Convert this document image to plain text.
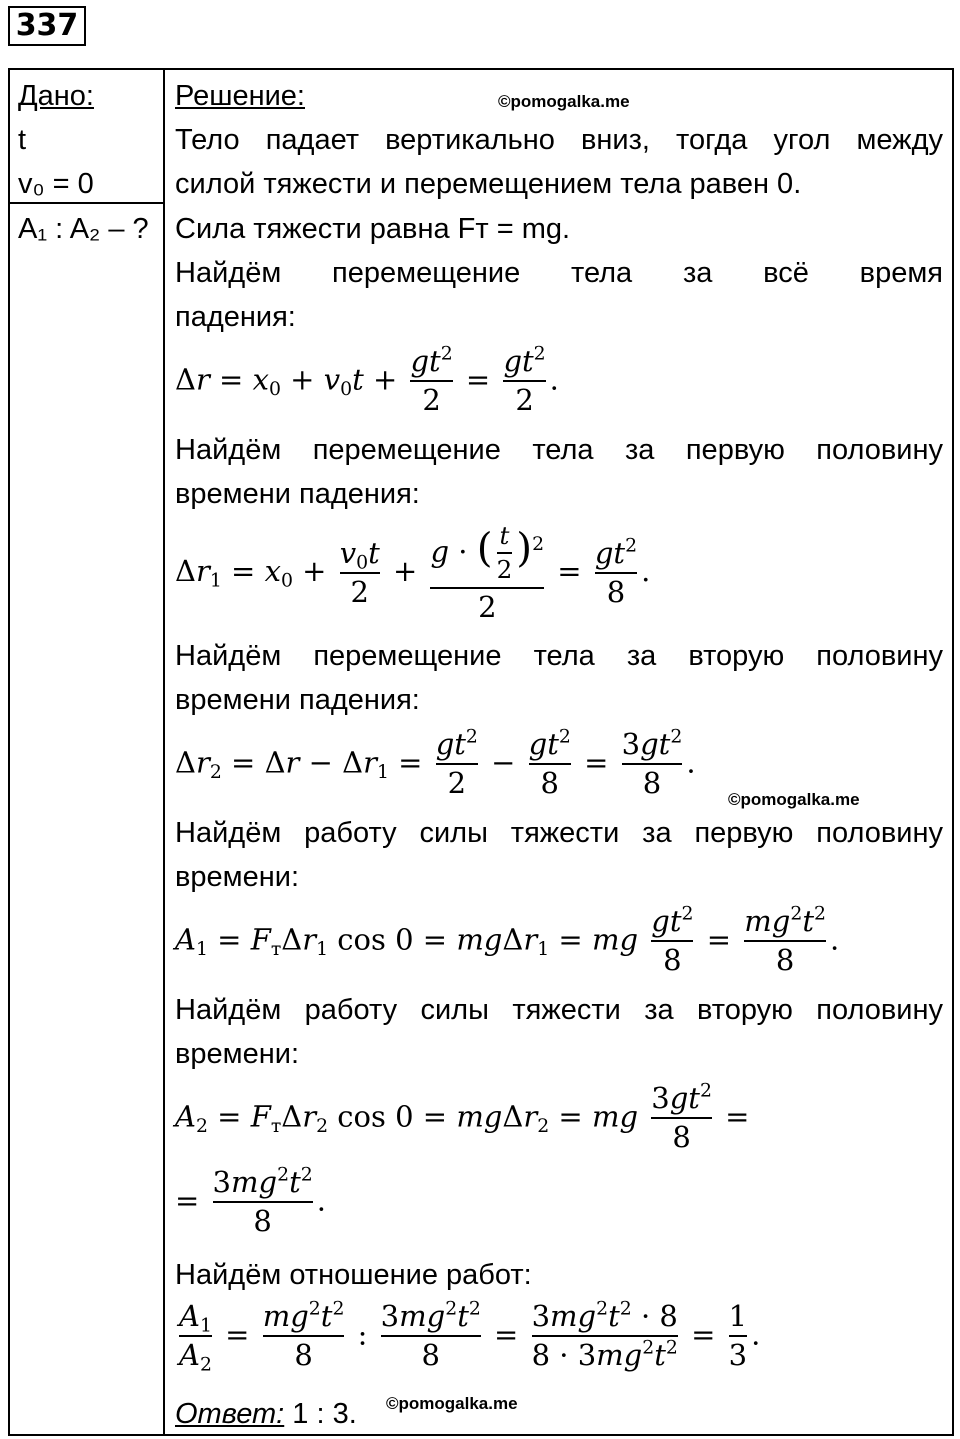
337
Дано:
t
v₀ = 0
A₁ : A₂ – ?
Решение:	©pomogalka.me
Тело падает вертикально вниз, тогда угол между
силой тяжести и перемещением тела равен 0.
Сила тяжести равна Fт = mg.
Найдём перемещение тела за всё время
падения:
$\Delta r = x_0 + v_0t + \frac{gt^2}{2} = \frac{gt^2}{2}$ .
Найдём перемещение тела за первую половину
времени падения:
$\Delta r_1 = x_0 + \frac{v_0t}{2} + \frac{g \cdot ( \frac{t}{2} )^2}{2} = \frac{gt^2}{8}$ .
Найдём перемещение тела за вторую половину
времени падения:
$\Delta r_2 = \Delta r - \Delta r_1 = \frac{gt^2}{2} - \frac{gt^2}{8} = \frac{3gt^2}{8}$ .
©pomogalka.me
Найдём работу силы тяжести за первую половину
времени:
$A_1 = F_т\Delta r_1$ cos 0 = mgΔr$_1$ = mg $\frac{gt^2}{8} = \frac{mg^2t^2}{8}$ .
Найдём работу силы тяжести за вторую половину
времени:
$A_2 = F_т\Delta r_2$ cos 0 = mgΔr$_2$ = mg $\frac{3gt^2}{8}$ =
= $\frac{3mg^2t^2}{8}$ .
Найдём отношение работ:
$\frac{A_1}{A_2} = \frac{mg^2t^2}{8}$ : $\frac{3mg^2t^2}{8} = \frac{3mg^2t^2 \cdot 8}{8 \cdot 3mg^2t^2} = \frac{1}{3}$ .
Ответ: 1 : 3. ©pomogalka.me
